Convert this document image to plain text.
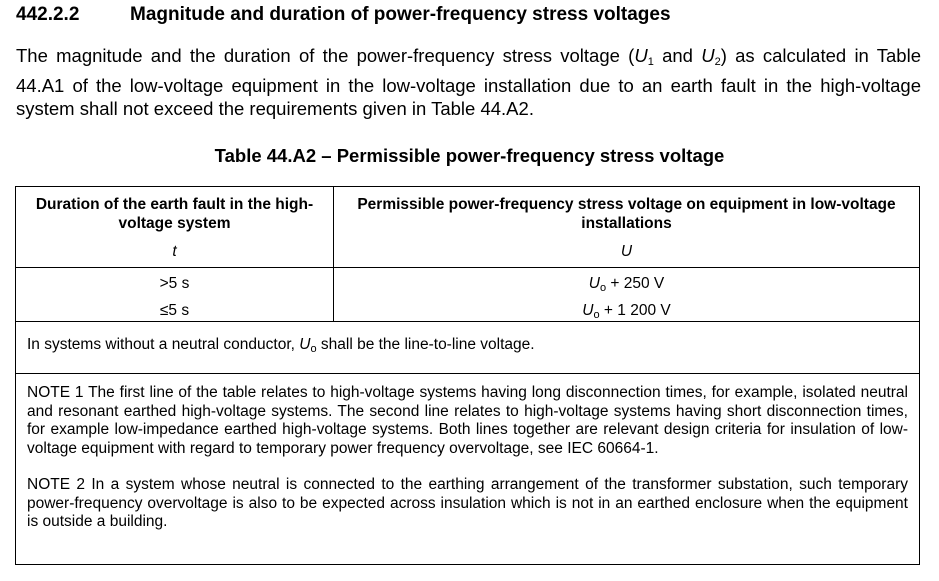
442.2.2	Magnitude and duration of power-frequency stress voltages
The magnitude and the duration of the power-frequency stress voltage ($U_1$ and $U_2$) as calculated in Table 44.A1 of the low-voltage equipment in the low-voltage installation due to an earth fault in the high-voltage system shall not exceed the requirements given in Table 44.A2.
Table 44.A2 – Permissible power-frequency stress voltage
Duration of the earth fault in the high-voltage system
Permissible power-frequency stress voltage on equipment in low-voltage installations
t	U
>5 s
≤5 s
$U_o + 250$ V
$U_o + 1$ 200 V
In systems without a neutral conductor, $U_o$ shall be the line-to-line voltage.

NOTE 1 The first line of the table relates to high-voltage systems having long disconnection times, for example, isolated neutral and resonant earthed high-voltage systems. The second line relates to high-voltage systems having short disconnection times, for example low-impedance earthed high-voltage systems. Both lines together are relevant design criteria for insulation of low-voltage equipment with regard to temporary power frequency overvoltage, see IEC 60664-1.

NOTE 2 In a system whose neutral is connected to the earthing arrangement of the transformer substation, such temporary power-frequency overvoltage is also to be expected across insulation which is not in an earthed enclosure when the equipment is outside a building.
